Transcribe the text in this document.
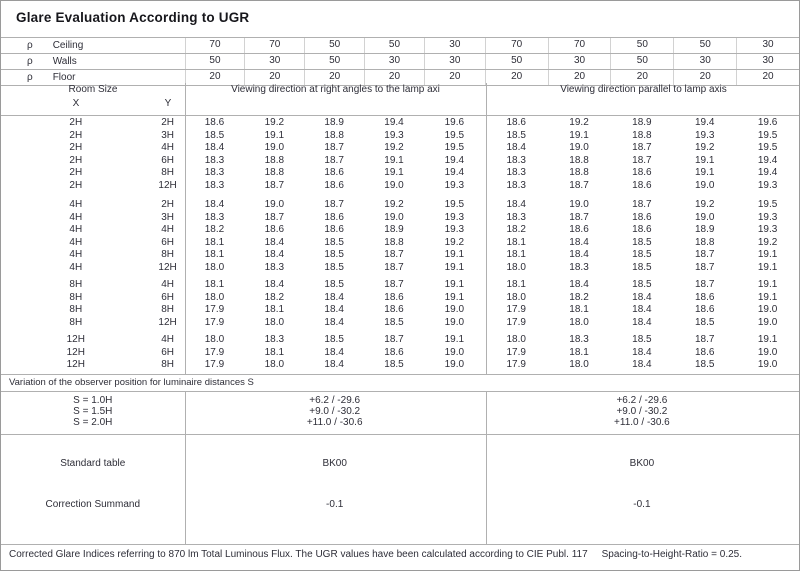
Glare Evaluation According to UGR
ρ Ceiling	70	70	50	50	30	70	70	50	50	30
ρ Walls	50	30	50	30	30	50	30	50	30	30
ρ Floor	20	20	20	20	20	20	20	20	20	20
Room Size
X	Y
Viewing direction at right angles to the lamp axi	Viewing direction parallel to lamp axis
2H	2H	18.6	19.2	18.9	19.4	19.6	18.6	19.2	18.9	19.4	19.6
2H	3H	18.5	19.1	18.8	19.3	19.5	18.5	19.1	18.8	19.3	19.5
2H	4H	18.4	19.0	18.7	19.2	19.5	18.4	19.0	18.7	19.2	19.5
2H	6H	18.3	18.8	18.7	19.1	19.4	18.3	18.8	18.7	19.1	19.4
2H	8H	18.3	18.8	18.6	19.1	19.4	18.3	18.8	18.6	19.1	19.4
2H	12H	18.3	18.7	18.6	19.0	19.3	18.3	18.7	18.6	19.0	19.3
4H	2H	18.4	19.0	18.7	19.2	19.5	18.4	19.0	18.7	19.2	19.5
4H	3H	18.3	18.7	18.6	19.0	19.3	18.3	18.7	18.6	19.0	19.3
4H	4H	18.2	18.6	18.6	18.9	19.3	18.2	18.6	18.6	18.9	19.3
4H	6H	18.1	18.4	18.5	18.8	19.2	18.1	18.4	18.5	18.8	19.2
4H	8H	18.1	18.4	18.5	18.7	19.1	18.1	18.4	18.5	18.7	19.1
4H	12H	18.0	18.3	18.5	18.7	19.1	18.0	18.3	18.5	18.7	19.1
8H	4H	18.1	18.4	18.5	18.7	19.1	18.1	18.4	18.5	18.7	19.1
8H	6H	18.0	18.2	18.4	18.6	19.1	18.0	18.2	18.4	18.6	19.1
8H	8H	17.9	18.1	18.4	18.6	19.0	17.9	18.1	18.4	18.6	19.0
8H	12H	17.9	18.0	18.4	18.5	19.0	17.9	18.0	18.4	18.5	19.0
12H	4H	18.0	18.3	18.5	18.7	19.1	18.0	18.3	18.5	18.7	19.1
12H	6H	17.9	18.1	18.4	18.6	19.0	17.9	18.1	18.4	18.6	19.0
12H	8H	17.9	18.0	18.4	18.5	19.0	17.9	18.0	18.4	18.5	19.0
Variation of the observer position for luminaire distances S
S = 1.0H	+6.2 / -29.6	+6.2 / -29.6
S = 1.5H	+9.0 / -30.2	+9.0 / -30.2
S = 2.0H	+11.0 / -30.6	+11.0 / -30.6
Standard table	BK00	BK00
Correction Summand	-0.1	-0.1
Corrected Glare Indices referring to 870 lm Total Luminous Flux. The UGR values have been calculated according to CIE Publ. 117 Spacing-to-Height-Ratio = 0.25.
